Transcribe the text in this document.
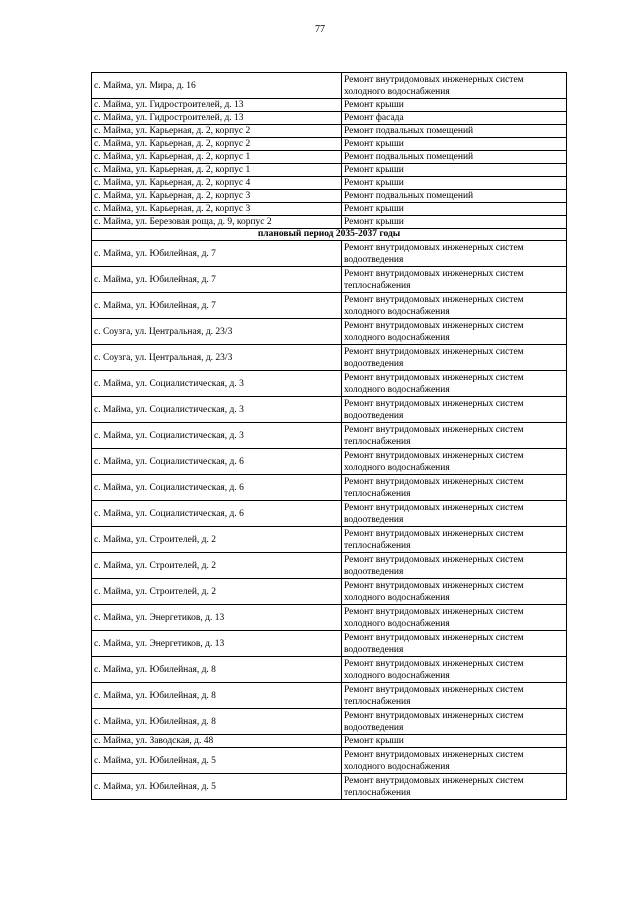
77
с. Майма, ул. Мира, д. 16	Ремонт внутридомовых инженерных систем
холодного водоснабжения

с. Майма, ул. Гидростроителей, д. 13	Ремонт крыши

с. Майма, ул. Гидростроителей, д. 13	Ремонт фасада

с. Майма, ул. Карьерная, д. 2, корпус 2	Ремонт подвальных помещений

с. Майма, ул. Карьерная, д. 2, корпус 2	Ремонт крыши

с. Майма, ул. Карьерная, д. 2, корпус 1	Ремонт подвальных помещений

с. Майма, ул. Карьерная, д. 2, корпус 1	Ремонт крыши

с. Майма, ул. Карьерная, д. 2, корпус 4	Ремонт крыши

с. Майма, ул. Карьерная, д. 2, корпус 3	Ремонт подвальных помещений

с. Майма, ул. Карьерная, д. 2, корпус 3	Ремонт крыши

с. Майма, ул. Березовая роща, д. 9, корпус 2	Ремонт крыши

плановый период 2035-2037 годы	
с. Майма, ул. Юбилейная, д. 7	Ремонт внутридомовых инженерных систем
водоотведения

с. Майма, ул. Юбилейная, д. 7	Ремонт внутридомовых инженерных систем
теплоснабжения

с. Майма, ул. Юбилейная, д. 7	Ремонт внутридомовых инженерных систем
холодного водоснабжения

с. Соузга, ул. Центральная, д. 23/3	Ремонт внутридомовых инженерных систем
холодного водоснабжения

с. Соузга, ул. Центральная, д. 23/3	Ремонт внутридомовых инженерных систем
водоотведения

с. Майма, ул. Социалистическая, д. 3	Ремонт внутридомовых инженерных систем
холодного водоснабжения

с. Майма, ул. Социалистическая, д. 3	Ремонт внутридомовых инженерных систем
водоотведения

с. Майма, ул. Социалистическая, д. 3	Ремонт внутридомовых инженерных систем
теплоснабжения

с. Майма, ул. Социалистическая, д. 6	Ремонт внутридомовых инженерных систем
холодного водоснабжения

с. Майма, ул. Социалистическая, д. 6	Ремонт внутридомовых инженерных систем
теплоснабжения

с. Майма, ул. Социалистическая, д. 6	Ремонт внутридомовых инженерных систем
водоотведения

с. Майма, ул. Строителей, д. 2	Ремонт внутридомовых инженерных систем
теплоснабжения

с. Майма, ул. Строителей, д. 2	Ремонт внутридомовых инженерных систем
водоотведения

с. Майма, ул. Строителей, д. 2	Ремонт внутридомовых инженерных систем
холодного водоснабжения

с. Майма, ул. Энергетиков, д. 13	Ремонт внутридомовых инженерных систем
холодного водоснабжения

с. Майма, ул. Энергетиков, д. 13	Ремонт внутридомовых инженерных систем
водоотведения

с. Майма, ул. Юбилейная, д. 8	Ремонт внутридомовых инженерных систем
холодного водоснабжения

с. Майма, ул. Юбилейная, д. 8	Ремонт внутридомовых инженерных систем
теплоснабжения

с. Майма, ул. Юбилейная, д. 8	Ремонт внутридомовых инженерных систем
водоотведения

с. Майма, ул. Заводская, д. 48	Ремонт крыши

с. Майма, ул. Юбилейная, д. 5	Ремонт внутридомовых инженерных систем
холодного водоснабжения

с. Майма, ул. Юбилейная, д. 5	Ремонт внутридомовых инженерных систем
теплоснабжения
